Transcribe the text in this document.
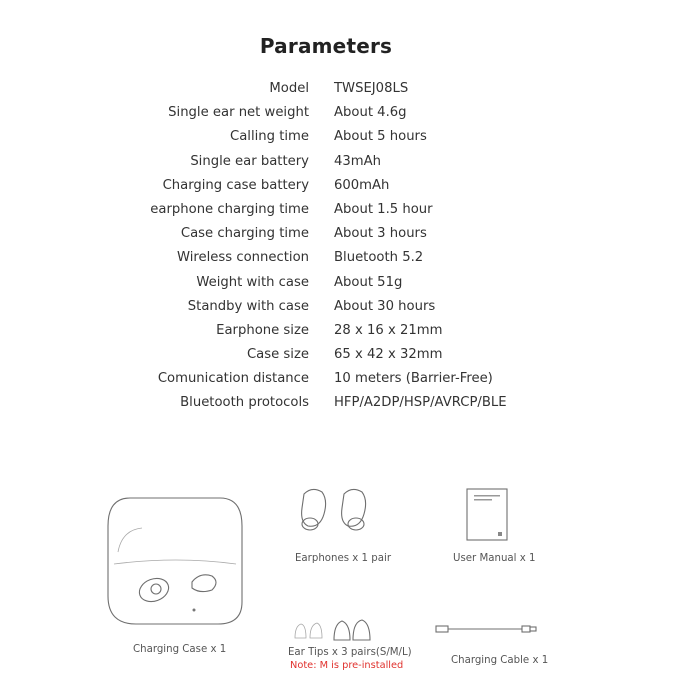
Parameters
Model TWSEJ08LS
Single ear net weight About 4.6g
Calling time About 5 hours
Single ear battery 43mAh
Charging case battery 600mAh
earphone charging time About 1.5 hour
Case charging time About 3 hours
Wireless connection Bluetooth 5.2
Weight with case About 51g
Standby with case About 30 hours
Earphone size 28 x 16 x 21mm
Case size 65 x 42 x 32mm
Comunication distance 10 meters (Barrier-Free)
Bluetooth protocols HFP/A2DP/HSP/AVRCP/BLE
Charging Case x 1
Earphones x 1 pair	User Manual x 1
Ear Tips x 3 pairs(S/M/L)
Note: M is pre-installed	Charging Cable x 1
